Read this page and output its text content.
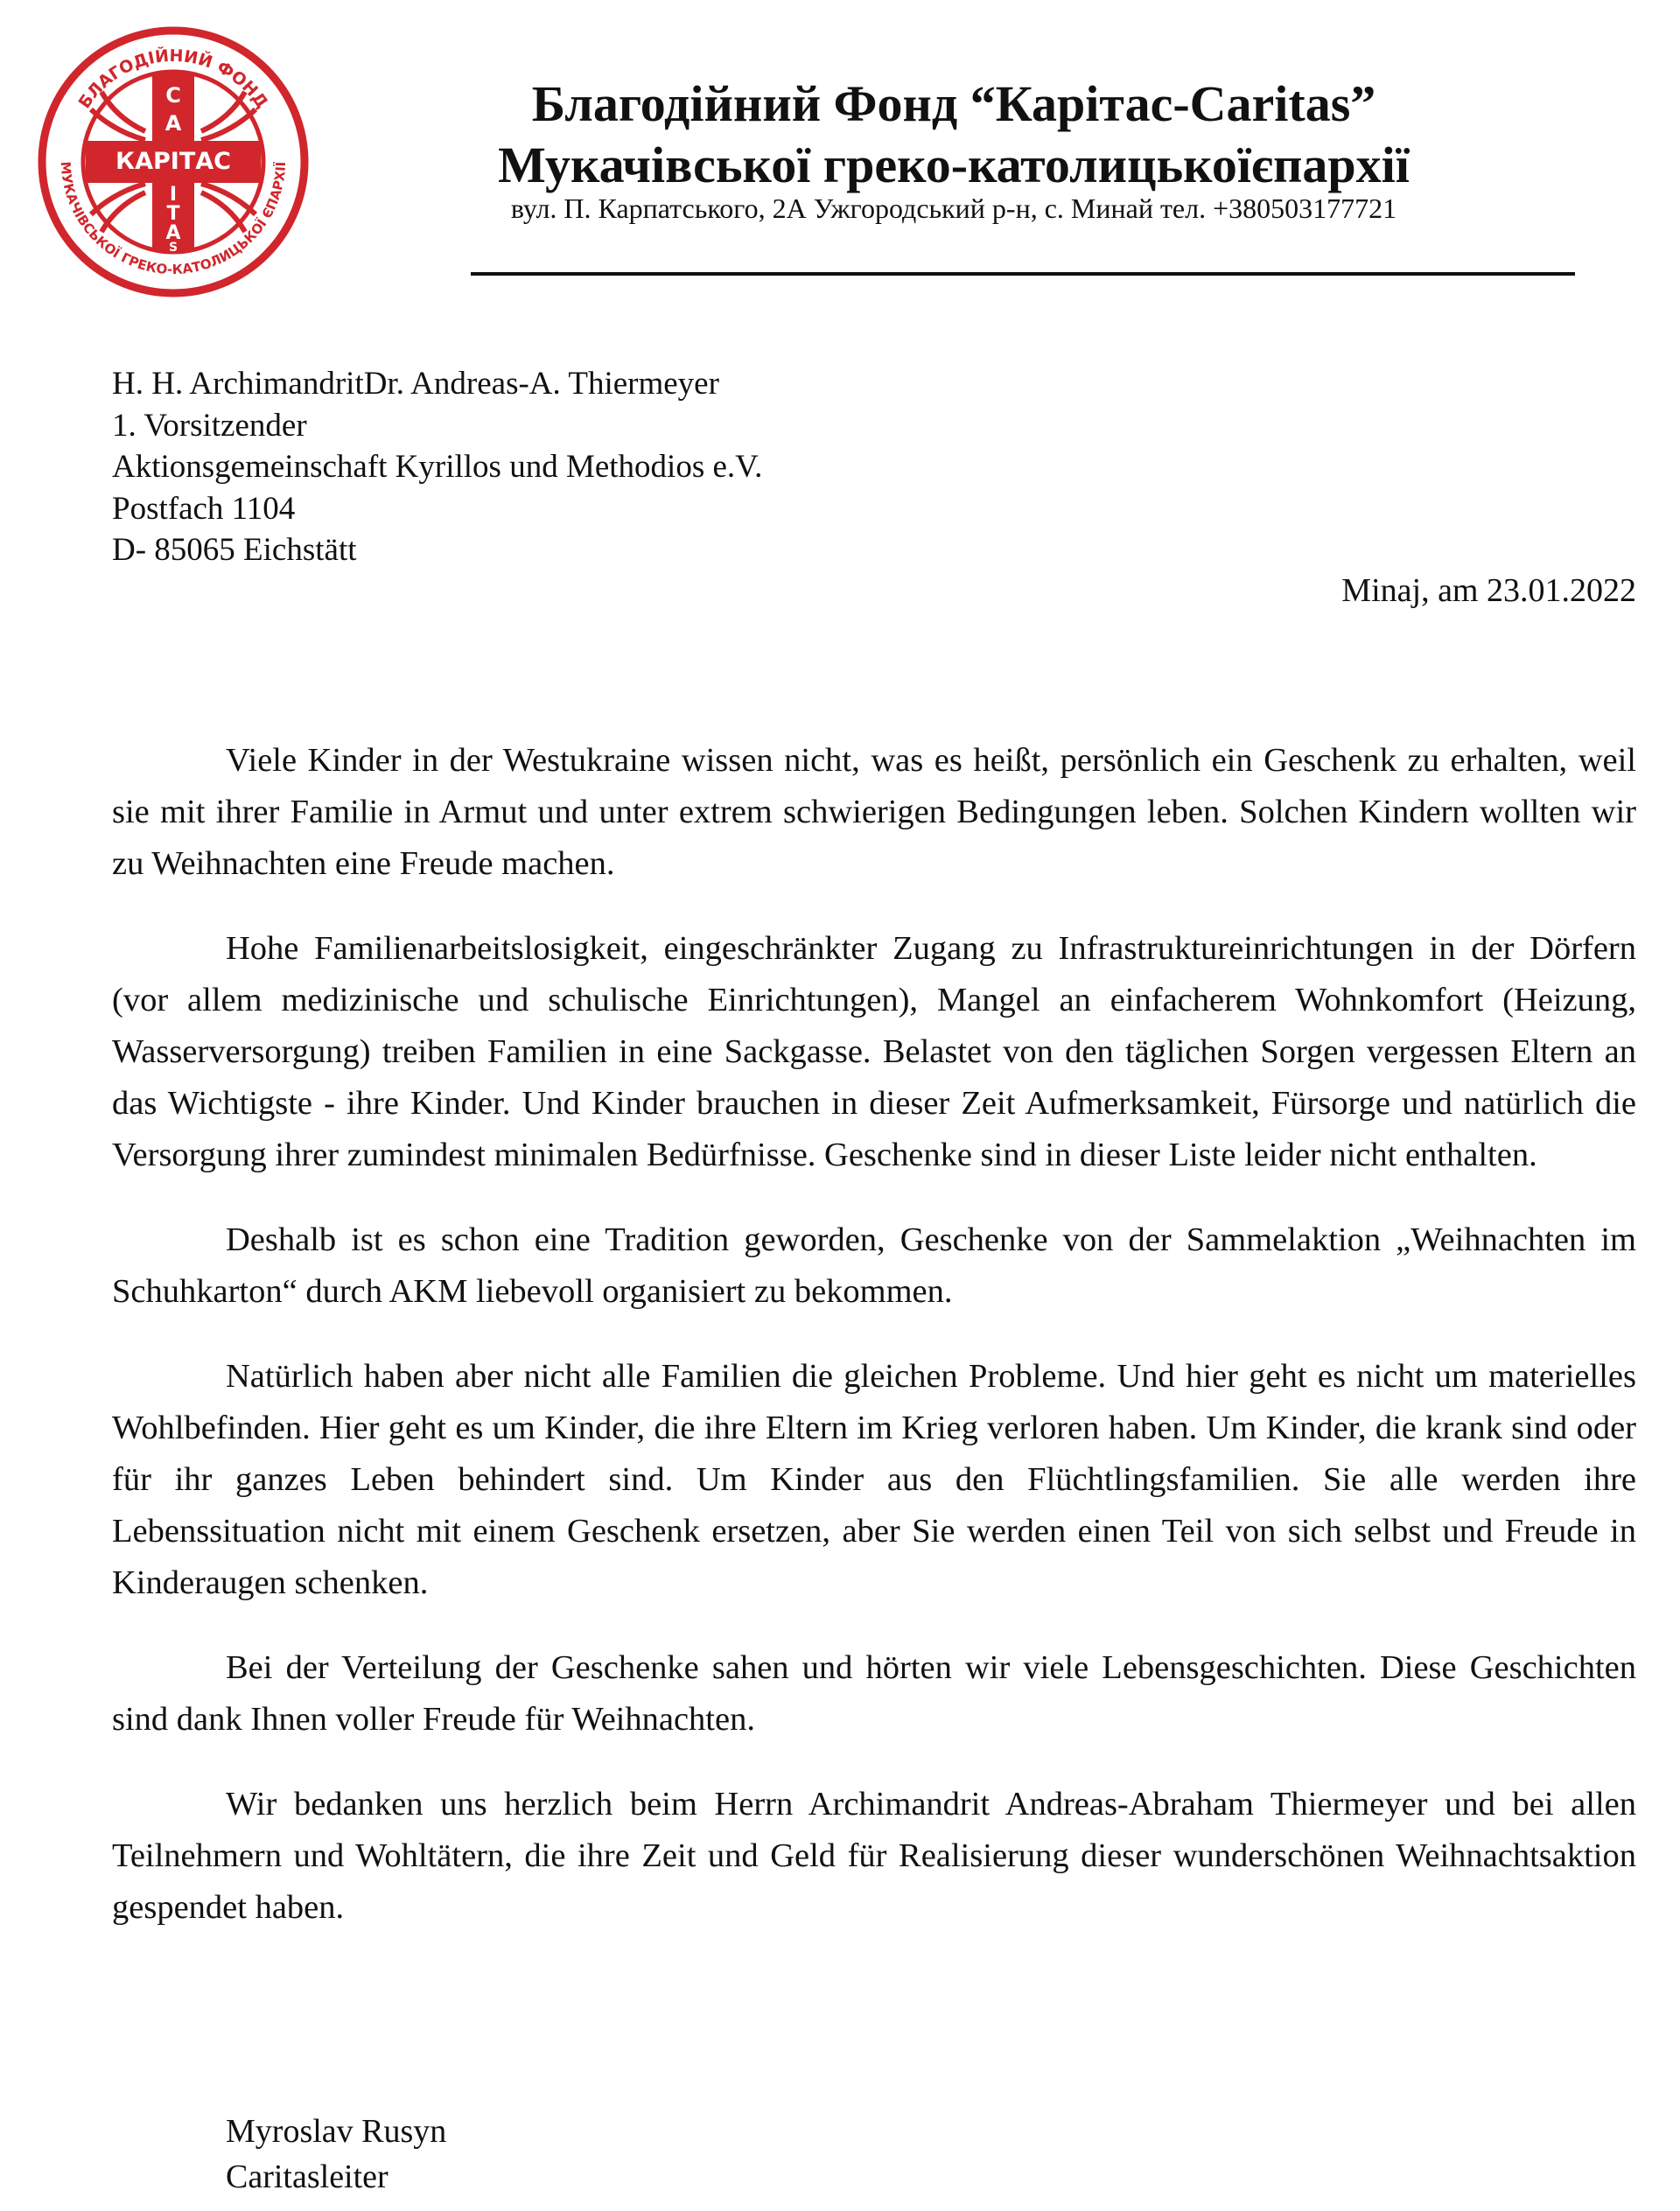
C
A
КАРІТАС
I
T
A
S
БЛАГОДІЙНИЙ ФОНД
МУКАЧІВСЬКОЇ ГРЕКО-КАТОЛИЦЬКОЇ ЄПАРХІЇ
Благодійний Фонд “Карітас-Caritas”
Мукачівської греко-католицькоїєпархії
вул. П. Карпатського, 2А Ужгородський р-н, с. Минай тел. +380503177721
H. H. ArchimandritDr. Andreas-A. Thiermeyer
1. Vorsitzender
Aktionsgemeinschaft Kyrillos und Methodios e.V.
Postfach 1104
D- 85065 Eichstätt
Minaj, am 23.01.2022

Viele Kinder in der Westukraine wissen nicht, was es heißt, persönlich ein Geschenk zu erhalten, weil sie mit ihrer Familie in Armut und unter extrem schwierigen Bedingungen leben. Solchen Kindern wollten wir zu Weihnachten eine Freude machen.

Hohe Familienarbeitslosigkeit, eingeschränkter Zugang zu Infrastruktureinrichtungen in der Dörfern (vor allem medizinische und schulische Einrichtungen), Mangel an einfacherem Wohnkomfort (Heizung, Wasserversorgung) treiben Familien in eine Sackgasse. Belastet von den täglichen Sorgen vergessen Eltern an das Wichtigste - ihre Kinder. Und Kinder brauchen in dieser Zeit Aufmerksamkeit, Fürsorge und natürlich die Versorgung ihrer zumindest minimalen Bedürfnisse. Geschenke sind in dieser Liste leider nicht enthalten.

Deshalb ist es schon eine Tradition geworden, Geschenke von der Sammelaktion „Weihnachten im Schuhkarton“ durch AKM liebevoll organisiert zu bekommen.

Natürlich haben aber nicht alle Familien die gleichen Probleme. Und hier geht es nicht um materielles Wohlbefinden. Hier geht es um Kinder, die ihre Eltern im Krieg verloren haben. Um Kinder, die krank sind oder für ihr ganzes Leben behindert sind. Um Kinder aus den Flüchtlingsfamilien. Sie alle werden ihre Lebenssituation nicht mit einem Geschenk ersetzen, aber Sie werden einen Teil von sich selbst und Freude in Kinderaugen schenken.

Bei der Verteilung der Geschenke sahen und hörten wir viele Lebensgeschichten. Diese Geschichten sind dank Ihnen voller Freude für Weihnachten.

Wir bedanken uns herzlich beim Herrn Archimandrit Andreas-Abraham Thiermeyer und bei allen Teilnehmern und Wohltätern, die ihre Zeit und Geld für Realisierung dieser wunderschönen Weihnachtsaktion gespendet haben.

Myroslav Rusyn
Caritasleiter
